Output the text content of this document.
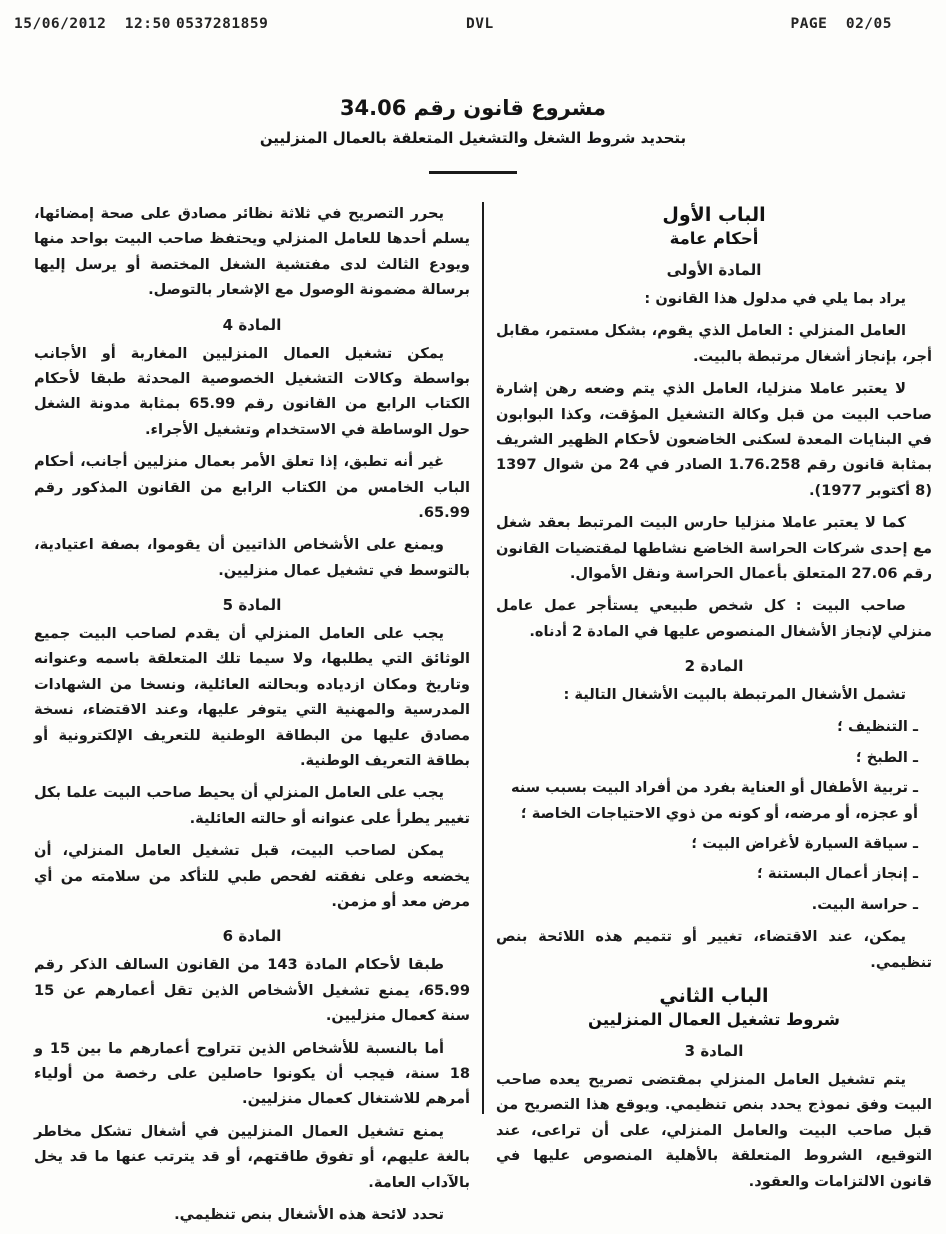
15/06/2012  12:50 0537281859	DVL	PAGE  02/05
مشروع قانون رقم 34.06
بتحديد شروط الشغل والتشغيل المتعلقة بالعمال المنزليين
الباب الأول
أحكام عامة
المادة الأولى
يراد بما يلي في مدلول هذا القانون :
العامل المنزلي : العامل الذي يقوم، بشكل مستمر، مقابل أجر، بإنجاز أشغال مرتبطة بالبيت.
لا يعتبر عاملا منزليا، العامل الذي يتم وضعه رهن إشارة صاحب البيت من قبل وكالة التشغيل المؤقت، وكذا البوابون في البنايات المعدة لسكنى الخاضعون لأحكام الظهير الشريف بمثابة قانون رقم 1.76.258 الصادر في 24 من شوال 1397 (8 أكتوبر 1977).
كما لا يعتبر عاملا منزليا حارس البيت المرتبط بعقد شغل مع إحدى شركات الحراسة الخاضع نشاطها لمقتضيات القانون رقم 27.06 المتعلق بأعمال الحراسة ونقل الأموال.
صاحب البيت : كل شخص طبيعي يستأجر عمل عامل منزلي لإنجاز الأشغال المنصوص عليها في المادة 2 أدناه.
المادة 2
تشمل الأشغال المرتبطة بالبيت الأشغال التالية :
ـ التنظيف ؛
ـ الطبخ ؛
ـ تربية الأطفال أو العناية بفرد من أفراد البيت بسبب سنه أو عجزه، أو مرضه، أو كونه من ذوي الاحتياجات الخاصة ؛
ـ سياقة السيارة لأغراض البيت ؛
ـ إنجاز أعمال البستنة ؛
ـ حراسة البيت.
يمكن، عند الاقتضاء، تغيير أو تتميم هذه اللائحة بنص تنظيمي.
الباب الثاني
شروط تشغيل العمال المنزليين
المادة 3
يتم تشغيل العامل المنزلي بمقتضى تصريح يعده صاحب البيت وفق نموذج يحدد بنص تنظيمي. ويوقع هذا التصريح من قبل صاحب البيت والعامل المنزلي، على أن تراعى، عند التوقيع، الشروط المتعلقة بالأهلية المنصوص عليها في قانون الالتزامات والعقود.
يحرر التصريح في ثلاثة نظائر مصادق على صحة إمضائها، يسلم أحدها للعامل المنزلي ويحتفظ صاحب البيت بواحد منها ويودع الثالث لدى مفتشية الشغل المختصة أو يرسل إليها برسالة مضمونة الوصول مع الإشعار بالتوصل.
المادة 4
يمكن تشغيل العمال المنزليين المغاربة أو الأجانب بواسطة وكالات التشغيل الخصوصية المحدثة طبقا لأحكام الكتاب الرابع من القانون رقم 65.99 بمثابة مدونة الشغل حول الوساطة في الاستخدام وتشغيل الأجراء.
غير أنه تطبق، إذا تعلق الأمر بعمال منزليين أجانب، أحكام الباب الخامس من الكتاب الرابع من القانون المذكور رقم 65.99.
ويمنع على الأشخاص الذاتيين أن يقوموا، بصفة اعتيادية، بالتوسط في تشغيل عمال منزليين.
المادة 5
يجب على العامل المنزلي أن يقدم لصاحب البيت جميع الوثائق التي يطلبها، ولا سيما تلك المتعلقة باسمه وعنوانه وتاريخ ومكان ازدياده وبحالته العائلية، ونسخا من الشهادات المدرسية والمهنية التي يتوفر عليها، وعند الاقتضاء، نسخة مصادق عليها من البطاقة الوطنية للتعريف الإلكترونية أو بطاقة التعريف الوطنية.
يجب على العامل المنزلي أن يحيط صاحب البيت علما بكل تغيير يطرأ على عنوانه أو حالته العائلية.
يمكن لصاحب البيت، قبل تشغيل العامل المنزلي، أن يخضعه وعلى نفقته لفحص طبي للتأكد من سلامته من أي مرض معد أو مزمن.
المادة 6
طبقا لأحكام المادة 143 من القانون السالف الذكر رقم 65.99، يمنع تشغيل الأشخاص الذين تقل أعمارهم عن 15 سنة كعمال منزليين.
أما بالنسبة للأشخاص الذين تتراوح أعمارهم ما بين 15 و 18 سنة، فيجب أن يكونوا حاصلين على رخصة من أولياء أمرهم للاشتغال كعمال منزليين.
يمنع تشغيل العمال المنزليين في أشغال تشكل مخاطر بالغة عليهم، أو تفوق طاقتهم، أو قد يترتب عنها ما قد يخل بالآداب العامة.
تحدد لائحة هذه الأشغال بنص تنظيمي.
